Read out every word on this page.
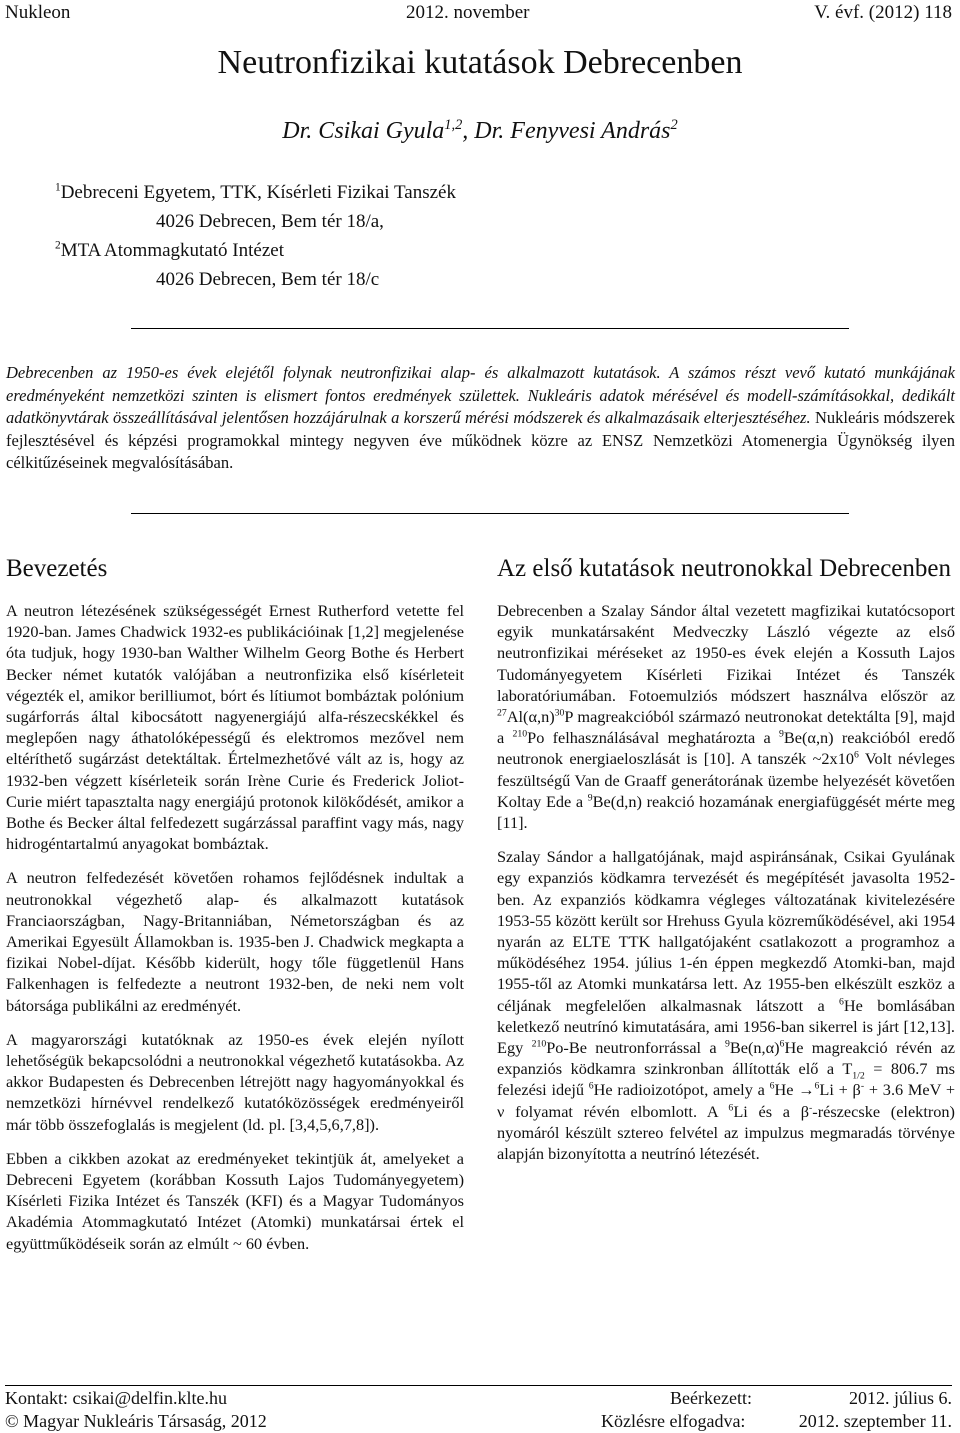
Nukleon	2012. november	V. évf. (2012) 118
Neutronfizikai kutatások Debrecenben
Dr. Csikai Gyula$^{1,2}$, Dr. Fenyvesi András$^2$
$^1$Debreceni Egyetem, TTK, Kísérleti Fizikai Tanszék
4026 Debrecen, Bem tér 18/a,
$^2$MTA Atommagkutató Intézet
4026 Debrecen, Bem tér 18/c
Debrecenben az 1950-es évek elejétől folynak neutronfizikai alap- és alkalmazott kutatások. A számos részt vevő kutató munkájának eredményeként nemzetközi szinten is elismert fontos eredmények születtek. Nukleáris adatok mérésével és modell-számításokkal, dedikált adatkönyvtárak összeállításával jelentősen hozzájárulnak a korszerű mérési módszerek és alkalmazásaik elterjesztéséhez. Nukleáris módszerek fejlesztésével és képzési programokkal mintegy negyven éve működnek közre az ENSZ Nemzetközi Atomenergia Ügynökség ilyen célkitűzéseinek megvalósításában.
Bevezetés

A neutron létezésének szükségességét Ernest Rutherford vetette fel 1920-ban. James Chadwick 1932-es publikációinak [1,2] megjelenése óta tudjuk, hogy 1930-ban Walther Wilhelm Georg Bothe és Herbert Becker német kutatók valójában a neutronfizika első kísérleteit végezték el, amikor berilliumot, bórt és lítiumot bombáztak polónium sugárforrás által kibocsátott nagyenergiájú alfa-részecskékkel és meglepően nagy áthatolóképességű és elektromos mezővel nem eltéríthető sugárzást detektáltak. Értelmezhetővé vált az is, hogy az 1932-ben végzett kísérleteik során Irène Curie és Frederick Joliot-Curie miért tapasztalta nagy energiájú protonok kilökődését, amikor a Bothe és Becker által felfedezett sugárzással paraffint vagy más, nagy hidrogéntartalmú anyagokat bombáztak.

A neutron felfedezését követően rohamos fejlődésnek indultak a neutronokkal végezhető alap- és alkalmazott kutatások Franciaországban, Nagy-Britanniában, Németországban és az Amerikai Egyesült Államokban is. 1935-ben J. Chadwick megkapta a fizikai Nobel-díjat. Később kiderült, hogy tőle függetlenül Hans Falkenhagen is felfedezte a neutront 1932-ben, de neki nem volt bátorsága publikálni az eredményét.

A magyarországi kutatóknak az 1950-es évek elején nyílott lehetőségük bekapcsolódni a neutronokkal végezhető kutatásokba. Az akkor Budapesten és Debrecenben létrejött nagy hagyományokkal és nemzetközi hírnévvel rendelkező kutatóközösségek eredményeiről már több összefoglalás is megjelent (ld. pl. [3,4,5,6,7,8]).

Ebben a cikkben azokat az eredményeket tekintjük át, amelyeket a Debreceni Egyetem (korábban Kossuth Lajos Tudományegyetem) Kísérleti Fizika Intézet és Tanszék (KFI) és a Magyar Tudományos Akadémia Atommagkutató Intézet (Atomki) munkatársai értek el együttműködéseik során az elmúlt ~ 60 évben.

Az első kutatások neutronokkal Debrecenben

Debrecenben a Szalay Sándor által vezetett magfizikai kutatócsoport egyik munkatársaként Medveczky László végezte az első neutronfizikai méréseket az 1950-es évek elején a Kossuth Lajos Tudományegyetem Kísérleti Fizikai Intézet és Tanszék laboratóriumában. Fotoemulziós módszert használva először az $^{27}Al(\alpha,n)^{30}P$ magreakcióból származó neutronokat detektálta [9], majd a $^{210}$Po felhasználásával meghatározta a $^9$Be(α,n) reakcióból eredő neutronok energiaeloszlását is [10]. A tanszék $\sim 2x10^6$ Volt névleges feszültségű Van de Graaff generátorának üzembe helyezését követően Koltay Ede a $^9$Be(d,n) reakció hozamának energiafüggését mérte meg [11].

Szalay Sándor a hallgatójának, majd aspiránsának, Csikai Gyulának egy expanziós ködkamra tervezését és megépítését javasolta 1952-ben. Az expanziós ködkamra végleges változatának kivitelezésére 1953-55 között került sor Hrehuss Gyula közreműködésével, aki 1954 nyarán az ELTE TTK hallgatójaként csatlakozott a programhoz a működéséhez 1954. július 1-én éppen megkezdő Atomki-ban, majd 1955-től az Atomki munkatársa lett. Az 1955-ben elkészült eszköz a céljának megfelelően alkalmasnak látszott a $^6$He bomlásában keletkező neutrínó kimutatására, ami 1956-ban sikerrel is járt [12,13]. Egy $^{210}$Po-Be neutronforrással a $^9Be(n,\alpha)^6He$ magreakció révén az expanziós ködkamra szinkronban állították elő a $T_{1/2} = 806.7$ ms felezési idejű $^6$He radioizotópot, amely a $^6$He →$^6$Li + β- + 3.6 MeV + ν folyamat révén elbomlott. A $^6$Li és a β--részecske (elektron) nyomáról készült sztereo felvétel az impulzus megmaradás törvénye alapján bizonyította a neutrínó létezését.

Kontakt: csikai@delfin.klte.hu	Beérkezett:	2012. július 6.
© Magyar Nukleáris Társaság, 2012	Közlésre elfogadva:	2012. szeptember 11.
